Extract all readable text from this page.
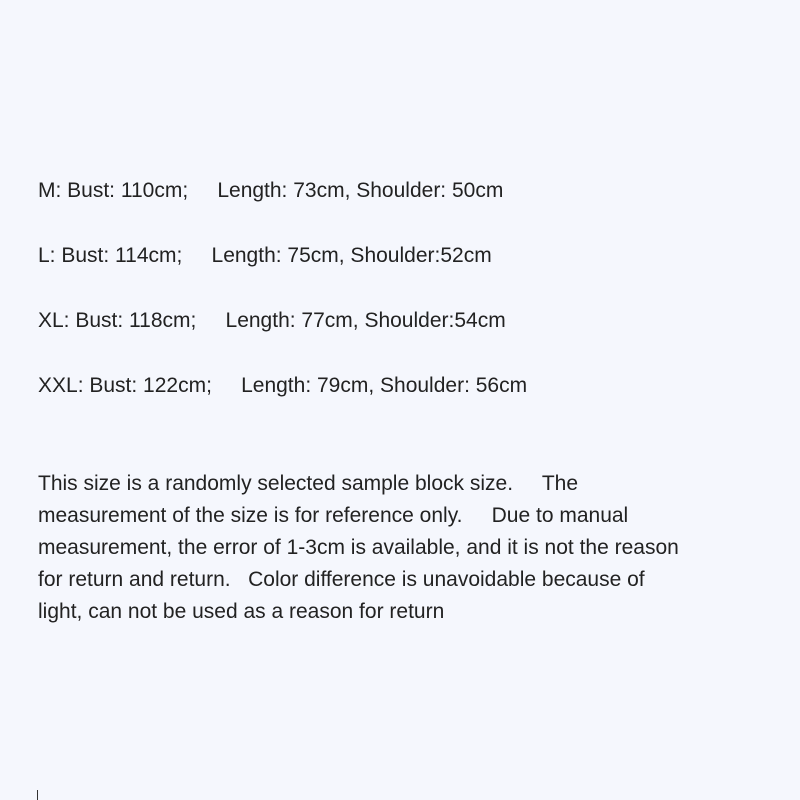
M: Bust: 110cm;     Length: 73cm, Shoulder: 50cm
L: Bust: 114cm;     Length: 75cm, Shoulder:52cm
XL: Bust: 118cm;     Length: 77cm, Shoulder:54cm
XXL: Bust: 122cm;     Length: 79cm, Shoulder: 56cm

This size is a randomly selected sample block size.     The
measurement of the size is for reference only.     Due to manual
measurement, the error of 1-3cm is available, and it is not the reason
for return and return.   Color difference is unavoidable because of
light, can not be used as a reason for return
